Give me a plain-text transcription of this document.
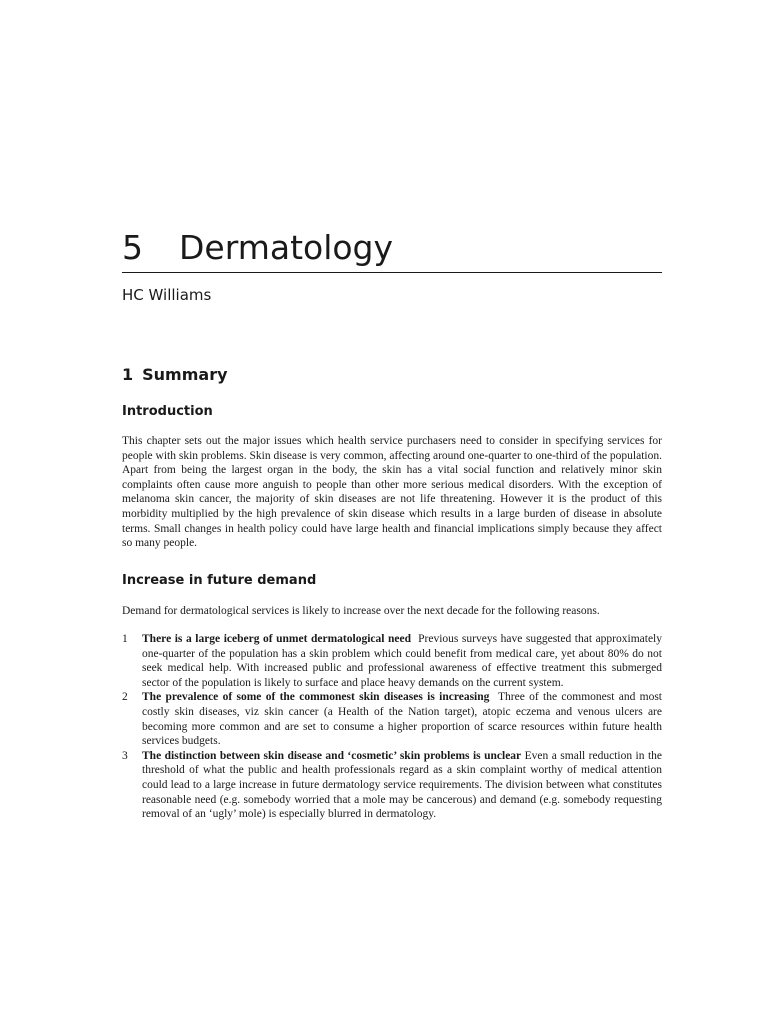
5 Dermatology
HC Williams
1 Summary
Introduction

This chapter sets out the major issues which health service purchasers need to consider in specifying services for people with skin problems. Skin disease is very common, affecting around one-quarter to one-third of the population. Apart from being the largest organ in the body, the skin has a vital social function and relatively minor skin complaints often cause more anguish to people than other more serious medical disorders. With the exception of melanoma skin cancer, the majority of skin diseases are not life threatening. However it is the product of this morbidity multiplied by the high prevalence of skin disease which results in a large burden of disease in absolute terms. Small changes in health policy could have large health and financial implications simply because they affect so many people.

Increase in future demand

Demand for dermatological services is likely to increase over the next decade for the following reasons.

1 There is a large iceberg of unmet dermatological need Previous surveys have suggested that approximately one-quarter of the population has a skin problem which could benefit from medical care, yet about 80% do not seek medical help. With increased public and professional awareness of effective treatment this submerged sector of the population is likely to surface and place heavy demands on the current system.
2 The prevalence of some of the commonest skin diseases is increasing Three of the commonest and most costly skin diseases, viz skin cancer (a Health of the Nation target), atopic eczema and venous ulcers are becoming more common and are set to consume a higher proportion of scarce resources within future health services budgets.
3 The distinction between skin disease and ‘cosmetic’ skin problems is unclear Even a small reduction in the threshold of what the public and health professionals regard as a skin complaint worthy of medical attention could lead to a large increase in future dermatology service requirements. The division between what constitutes reasonable need (e.g. somebody worried that a mole may be cancerous) and demand (e.g. somebody requesting removal of an ‘ugly’ mole) is especially blurred in dermatology.
